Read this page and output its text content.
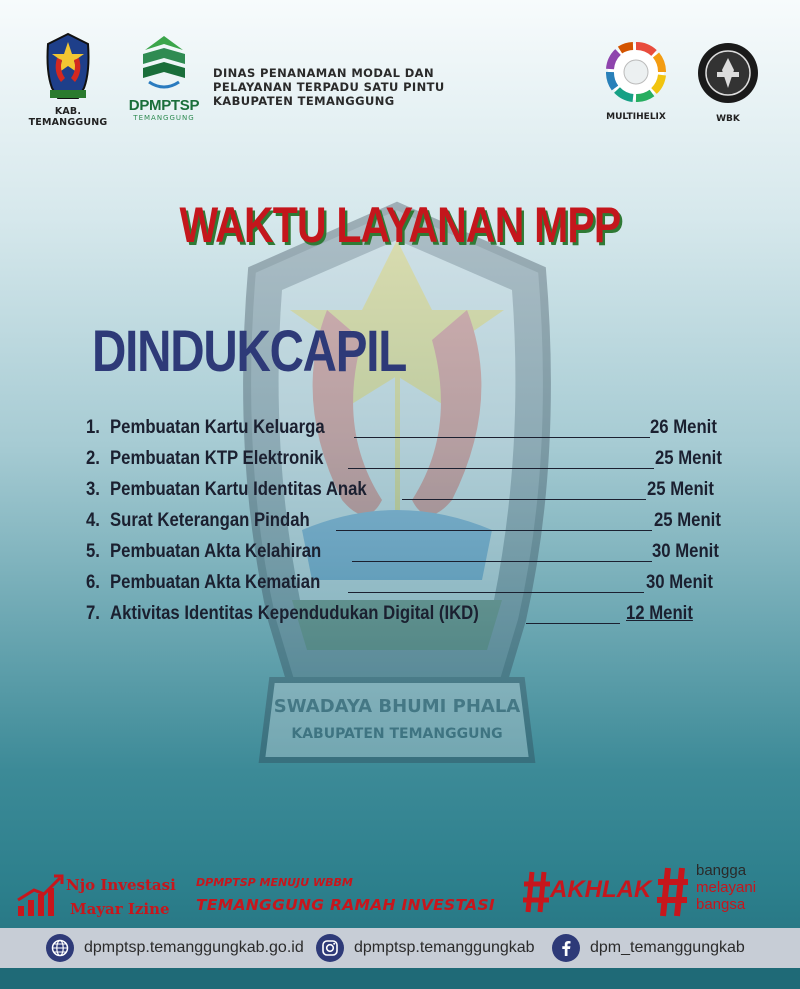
SWADAYA BHUMI PHALA
KABUPATEN TEMANGGUNG
KAB. TEMANGGUNG
DPMPTSP
TEMANGGUNG
DINAS PENANAMAN MODAL DAN
PELAYANAN TERPADU SATU PINTU
KABUPATEN TEMANGGUNG
MULTIHELIX	WBK
WAKTU LAYANAN MPP
DINDUKCAPIL
1. Pembuatan Kartu Keluarga	26 Menit
2. Pembuatan KTP Elektronik	25 Menit
3. Pembuatan Kartu Identitas Anak	25 Menit
4. Surat Keterangan Pindah	25 Menit
5. Pembuatan Akta Kelahiran	30 Menit
6. Pembuatan Akta Kematian	30 Menit
7. Aktivitas Identitas Kependudukan Digital (IKD)	12 Menit
Njo Investasi
Mayar Izine
DPMPTSP MENUJU WBBM
TEMANGGUNG RAMAH INVESTASI
AKHLAK
bangga
melayani
bangsa
dpmptsp.temanggungkab.go.id	dpmptsp.temanggungkab	dpm_temanggungkab
